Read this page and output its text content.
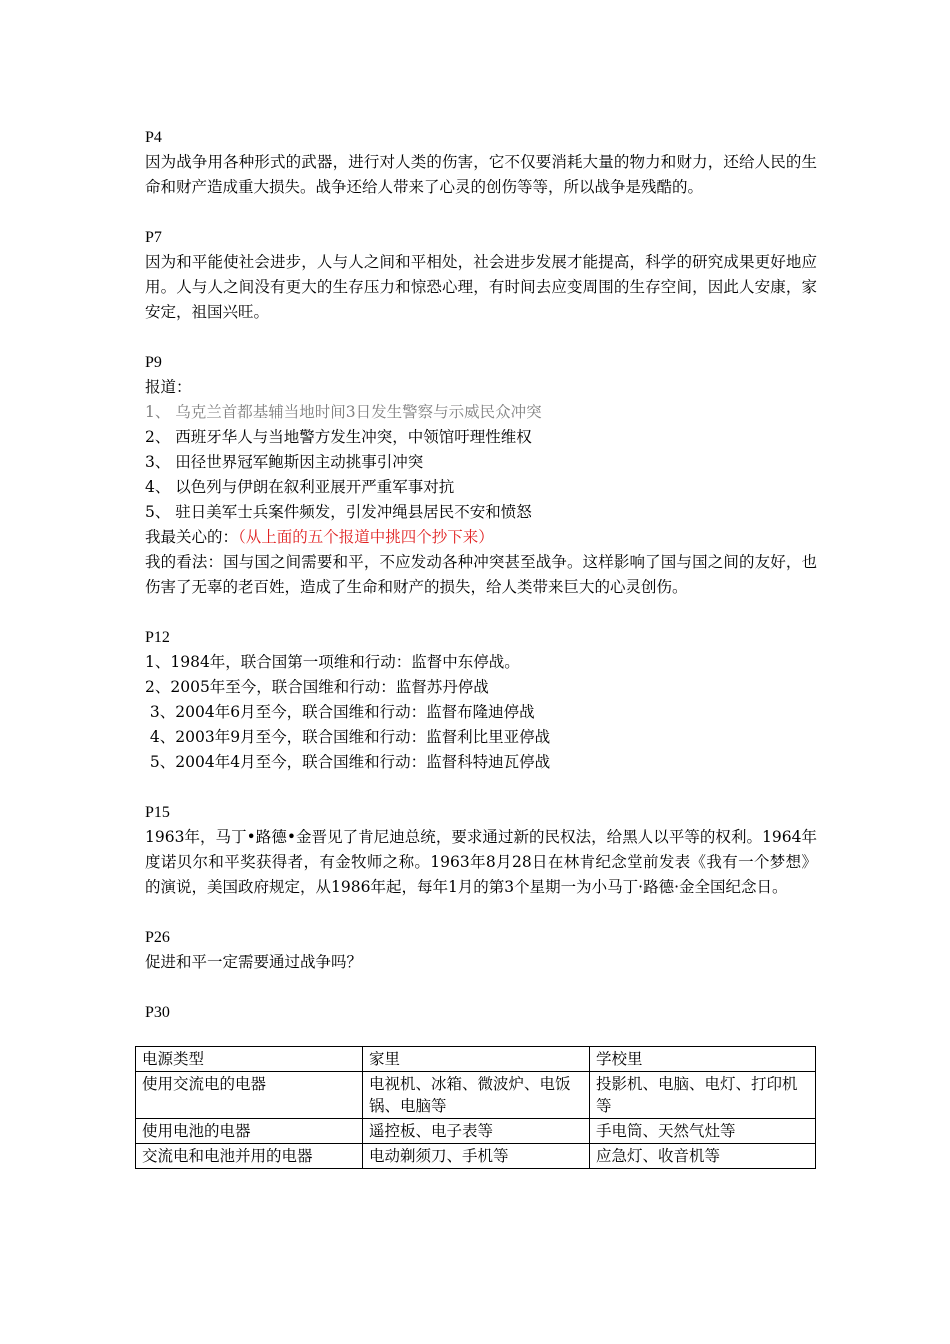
P4

因为战争用各种形式的武器，进行对人类的伤害，它不仅要消耗大量的物力和财力，还给人民的生命和财产造成重大损失。战争还给人带来了心灵的创伤等等，所以战争是残酷的。

P7

因为和平能使社会进步，人与人之间和平相处，社会进步发展才能提高，科学的研究成果更好地应用。人与人之间没有更大的生存压力和惊恐心理，有时间去应变周围的生存空间，因此人安康，家安定，祖国兴旺。

P9

报道：

1、 乌克兰首都基辅当地时间3日发生警察与示威民众冲突

2、 西班牙华人与当地警方发生冲突，中领馆吁理性维权

3、 田径世界冠军鲍斯因主动挑事引冲突

4、 以色列与伊朗在叙利亚展开严重军事对抗

5、 驻日美军士兵案件频发，引发冲绳县居民不安和愤怒

我最关心的：（从上面的五个报道中挑四个抄下来）

我的看法：国与国之间需要和平，不应发动各种冲突甚至战争。这样影响了国与国之间的友好，也伤害了无辜的老百姓，造成了生命和财产的损失，给人类带来巨大的心灵创伤。

P12

1、1984年，联合国第一项维和行动：监督中东停战。

2、2005年至今，联合国维和行动：监督苏丹停战

3、2004年6月至今，联合国维和行动：监督布隆迪停战

4、2003年9月至今，联合国维和行动：监督利比里亚停战

5、2004年4月至今，联合国维和行动：监督科特迪瓦停战

P15

1963年，马丁•路德•金晋见了肯尼迪总统，要求通过新的民权法，给黑人以平等的权利。1964年度诺贝尔和平奖获得者，有金牧师之称。1963年8月28日在林肯纪念堂前发表《我有一个梦想》的演说，美国政府规定，从1986年起，每年1月的第3个星期一为小马丁·路德·金全国纪念日。

P26

促进和平一定需要通过战争吗？

P30

电源类型	家里	学校里
使用交流电的电器	电视机、冰箱、微波炉、电饭锅、电脑等	投影机、电脑、电灯、打印机等
使用电池的电器	遥控板、电子表等	手电筒、天然气灶等
交流电和电池并用的电器	电动剃须刀、手机等	应急灯、收音机等
